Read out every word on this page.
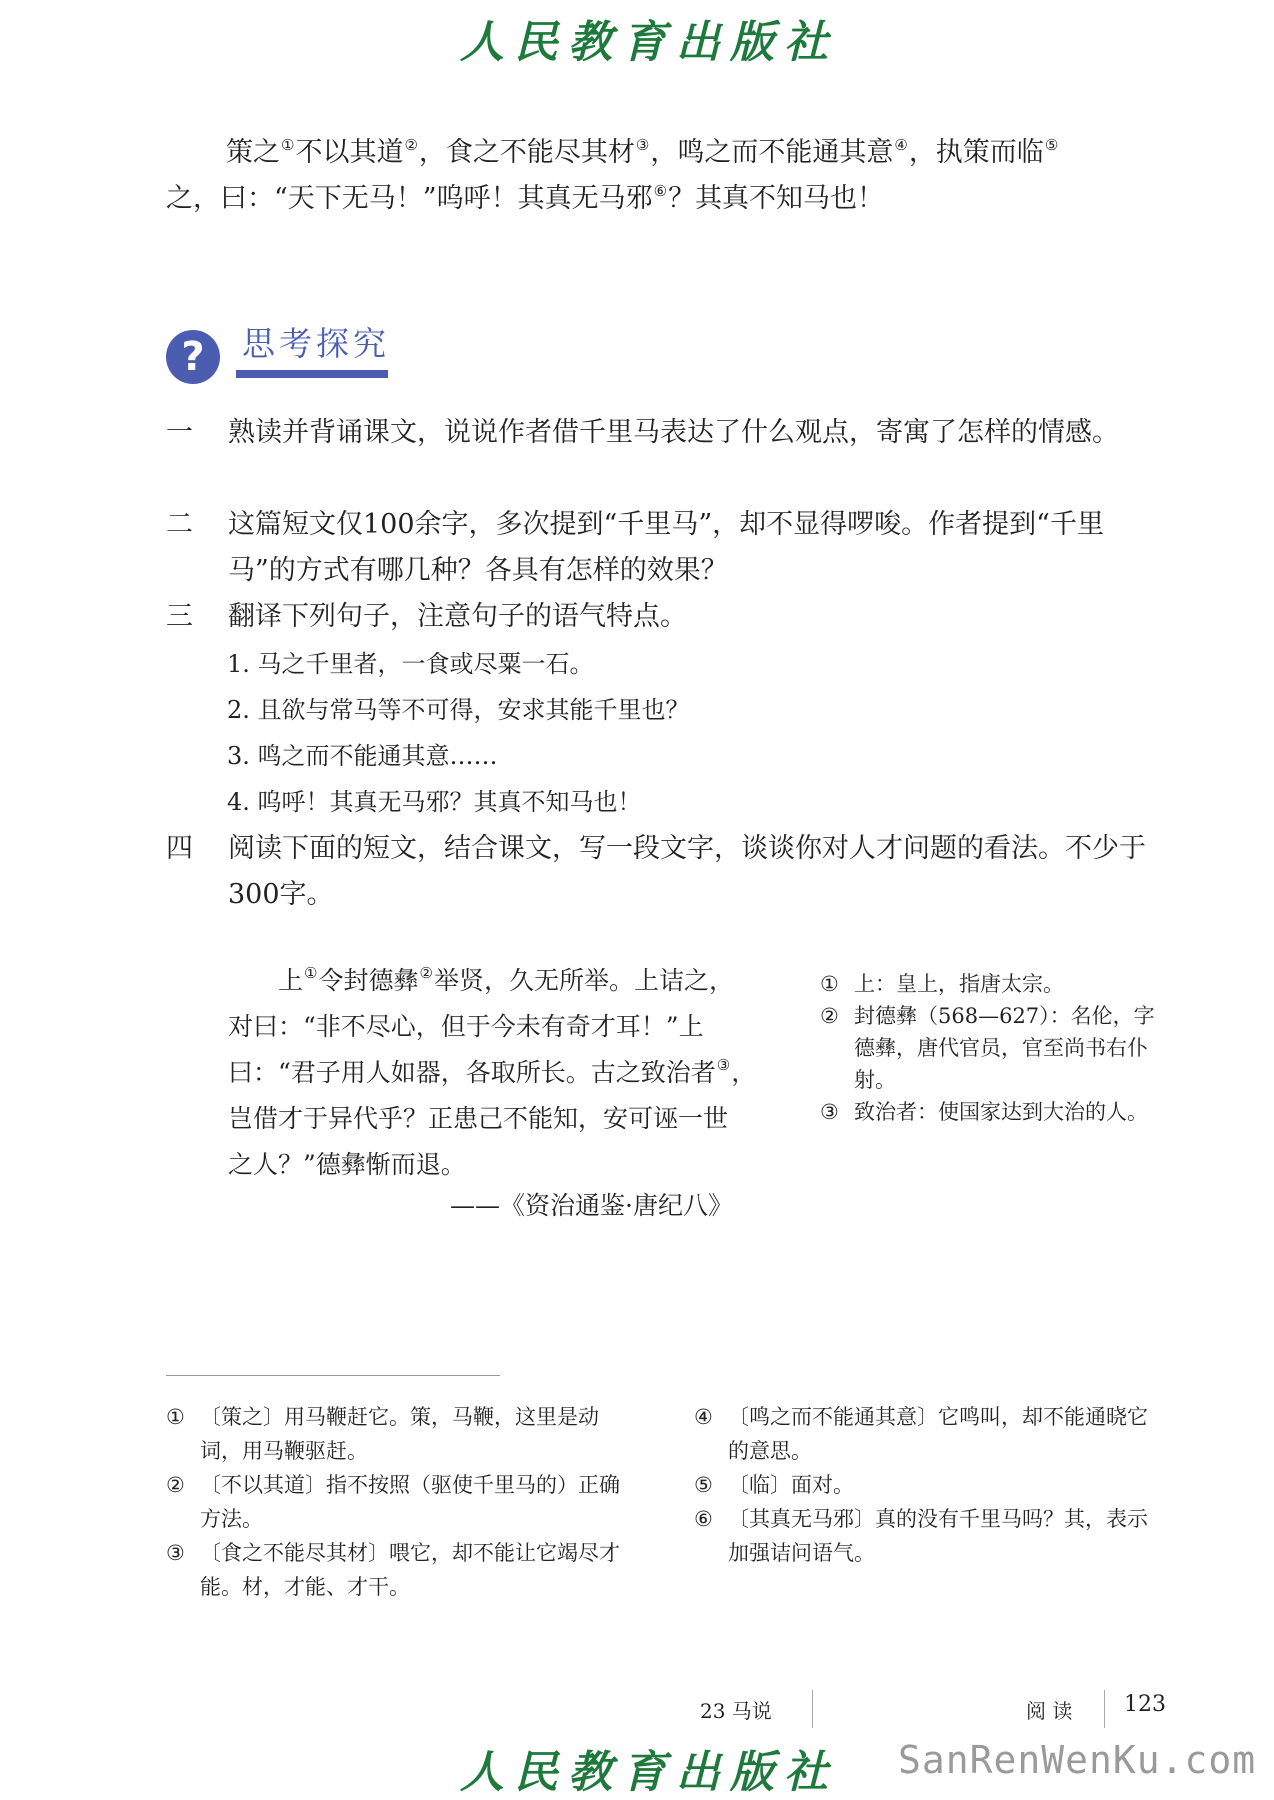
人民教育出版社

策之①不以其道②，食之不能尽其材③，鸣之而不能通其意④，执策而临⑤

之，曰：“天下无马！”呜呼！其真无马邪⑥？其真不知马也！

?	思考探究
一	熟读并背诵课文，说说作者借千里马表达了什么观点，寄寓了怎样的情感。
二	这篇短文仅100余字，多次提到“千里马”，却不显得啰唆。作者提到“千里马”的方式有哪几种？各具有怎样的效果？
三	翻译下列句子，注意句子的语气特点。
1. 马之千里者，一食或尽粟一石。
2. 且欲与常马等不可得，安求其能千里也？
3. 鸣之而不能通其意……
4. 呜呼！其真无马邪？其真不知马也！
四	阅读下面的短文，结合课文，写一段文字，谈谈你对人才问题的看法。不少于300字。

上①令封德彝②举贤，久无所举。上诘之，

对曰：“非不尽心，但于今未有奇才耳！”上

曰：“君子用人如器，各取所长。古之致治者③，

岂借才于异代乎？正患己不能知，安可诬一世

之人？”德彝惭而退。

——《资治通鉴·唐纪八》
① 上：皇上，指唐太宗。
② 封德彝（568—627）：名伦，字德彝，唐代官员，官至尚书右仆射。
③ 致治者：使国家达到大治的人。
① 〔策之〕用马鞭赶它。策，马鞭，这里是动词，用马鞭驱赶。
② 〔不以其道〕指不按照（驱使千里马的）正确方法。
③ 〔食之不能尽其材〕喂它，却不能让它竭尽才能。材，才能、才干。
④ 〔鸣之而不能通其意〕它鸣叫，却不能通晓它的意思。
⑤ 〔临〕面对。
⑥ 〔其真无马邪〕真的没有千里马吗？其，表示加强诘问语气。
23 马说	阅 读 123
人民教育出版社 SanRenWenKu.com
